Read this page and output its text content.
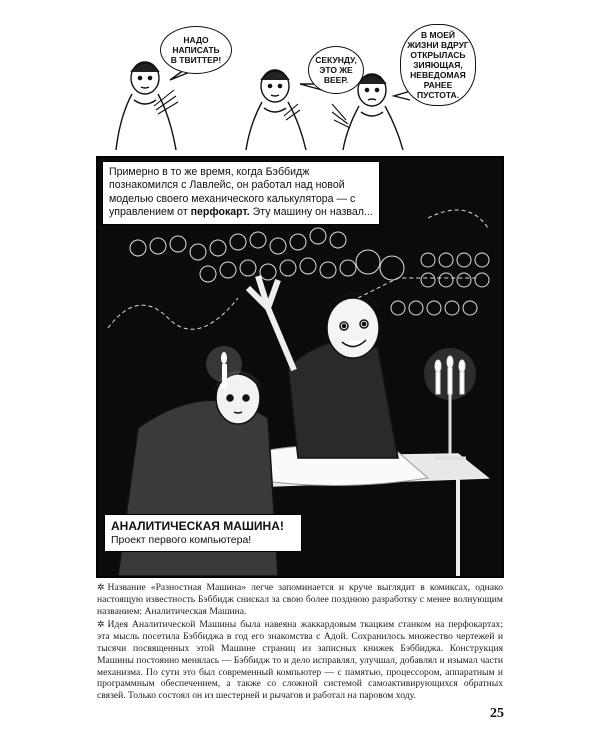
НАДО
НАПИСАТЬ
В ТВИТТЕР!	СЕКУНДУ,
ЭТО ЖЕ
ВЕЕР.
В МОЕЙ
ЖИЗНИ ВДРУГ
ОТКРЫЛАСЬ
ЗИЯЮЩАЯ,
НЕВЕДОМАЯ
РАНЕЕ
ПУСТОТА.
Примерно в то же время, когда Бэббидж познакомился с Лавлейс, он работал над новой моделью своего механического калькулятора — с управлением от перфокарт. Эту машину он назвал...
АНАЛИТИЧЕСКАЯ МАШИНА!
Проект первого компьютера!

✲ Название «Разностная Машина» легче запоминается и круче выглядит в комиксах, однако настоящую известность Бэббидж снискал за свою более позднюю разработку с менее волнующим названием: Аналитическая Машина.

✲ Идея Аналитической Машины была навеяна жаккардовым ткацким станком на перфокартах; эта мысль посетила Бэббиджа в год его знакомства с Адой. Сохранилось множество чертежей и тысячи посвященных этой Машине страниц из записных книжек Бэббиджа. Конструкция Машины постоянно менялась — Бэббидж то и дело исправлял, улучшал, добавлял и изымал части механизма. По сути это был современный компьютер — с памятью, процессором, аппаратным и программным обеспечением, а также со сложной системой самоактивирующихся обратных связей. Только состоял он из шестерней и рычагов и работал на паровом ходу.

25
